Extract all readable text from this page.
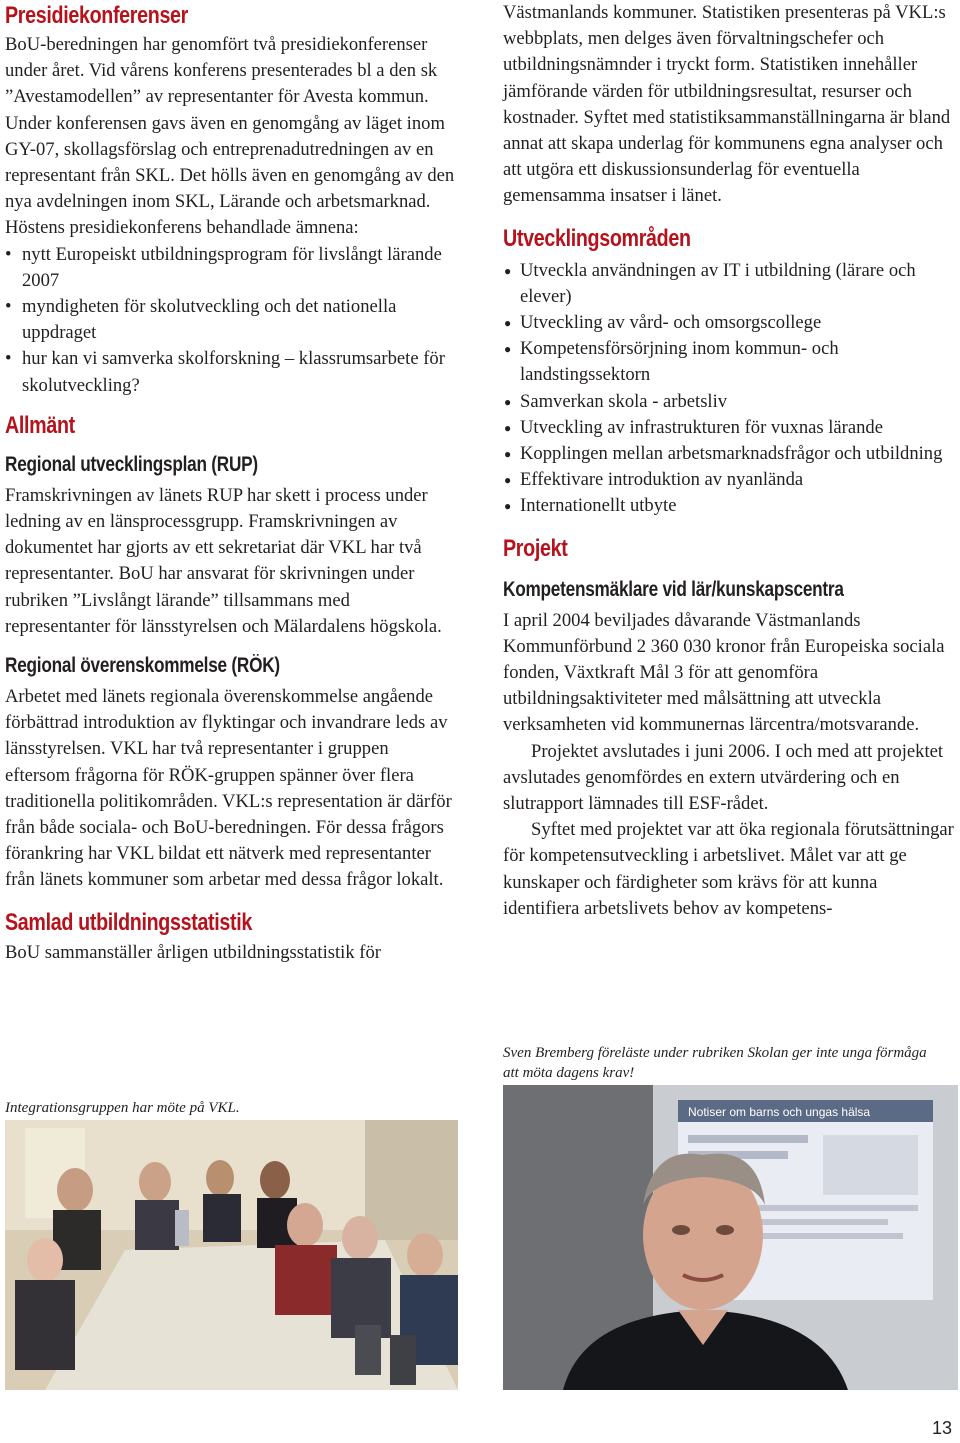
Presidiekonferenser

BoU-beredningen har genomfört två presidiekonferenser under året. Vid vårens konferens presenterades bl a den sk ”Avestamodellen” av representanter för Avesta kommun. Under konferensen gavs även en genomgång av läget inom GY-07, skollagsförslag och entreprenadutredningen av en representant från SKL. Det hölls även en genomgång av den nya avdelningen inom SKL, Lärande och arbetsmarknad.

Höstens presidiekonferens behandlade ämnena:

• nytt Europeiskt utbildningsprogram för livslångt lärande 2007
• myndigheten för skolutveckling och det nationella uppdraget
• hur kan vi samverka skolforskning – klassrumsarbete för skolutveckling?
Allmänt
Regional utvecklingsplan (RUP)

Framskrivningen av länets RUP har skett i process under ledning av en länsprocessgrupp. Framskrivningen av dokumentet har gjorts av ett sekretariat där VKL har två representanter. BoU har ansvarat för skrivningen under rubriken ”Livslångt lärande” tillsammans med representanter för länsstyrelsen och Mälardalens högskola.

Regional överenskommelse (RÖK)

Arbetet med länets regionala överenskommelse angående förbättrad introduktion av flyktingar och invandrare leds av länsstyrelsen. VKL har två representanter i gruppen eftersom frågorna för RÖK-gruppen spänner över flera traditionella politikområden. VKL:s representation är därför från både sociala- och BoU-beredningen. För dessa frågors förankring har VKL bildat ett nätverk med representanter från länets kommuner som arbetar med dessa frågor lokalt.

Samlad utbildningsstatistik

BoU sammanställer årligen utbildningsstatistik för

Integrationsgruppen har möte på VKL.

Västmanlands kommuner. Statistiken presenteras på VKL:s webbplats, men delges även förvaltningschefer och utbildningsnämnder i tryckt form. Statistiken innehåller jämförande värden för utbildningsresultat, resurser och kostnader. Syftet med statistiksammanställningarna är bland annat att skapa underlag för kommunens egna analyser och att utgöra ett diskussionsunderlag för eventuella gemensamma insatser i länet.

Utvecklingsområden
● Utveckla användningen av IT i utbildning (lärare och elever)
● Utveckling av vård- och omsorgscollege
● Kompetensförsörjning inom kommun- och landstingssektorn
● Samverkan skola - arbetsliv
● Utveckling av infrastrukturen för vuxnas lärande
● Kopplingen mellan arbetsmarknadsfrågor och utbildning
● Effektivare introduktion av nyanlända
● Internationellt utbyte
Projekt
Kompetensmäklare vid lär/kunskapscentra

I april 2004 beviljades dåvarande Västmanlands Kommunförbund 2 360 030 kronor från Europeiska sociala fonden, Växtkraft Mål 3 för att genomföra utbildningsaktiviteter med målsättning att utveckla verksamheten vid kommunernas lärcentra/motsvarande.

Projektet avslutades i juni 2006. I och med att projektet avslutades genomfördes en extern utvärdering och en slutrapport lämnades till ESF-rådet.

Syftet med projektet var att öka regionala förutsättningar för kompetensutveckling i arbetslivet. Målet var att ge kunskaper och färdigheter som krävs för att kunna identifiera arbetslivets behov av kompetens-

Sven Bremberg föreläste under rubriken Skolan ger inte unga förmåga att möta dagens krav!

Notiser om barns och ungas hälsa
13
